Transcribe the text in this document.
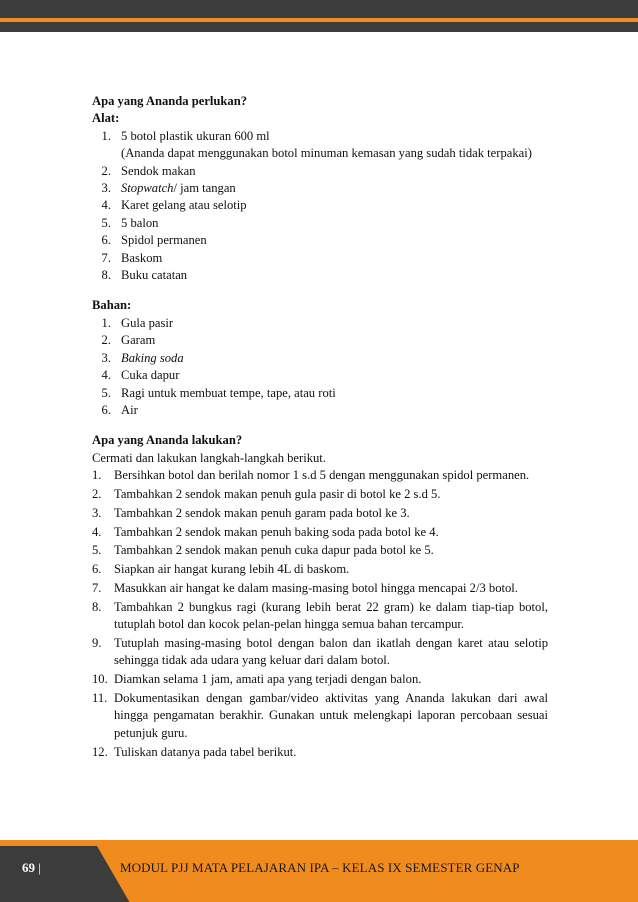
Apa yang Ananda perlukan?
Alat:
1. 5 botol plastik ukuran 600 ml
(Ananda dapat menggunakan botol minuman kemasan yang sudah tidak terpakai)
2. Sendok makan
3. Stopwatch/ jam tangan
4. Karet gelang atau selotip
5. 5 balon
6. Spidol permanen
7. Baskom
8. Buku catatan
Bahan:
1. Gula pasir
2. Garam
3. Baking soda
4. Cuka dapur
5. Ragi untuk membuat tempe, tape, atau roti
6. Air
Apa yang Ananda lakukan?
Cermati dan lakukan langkah-langkah berikut.
1. Bersihkan botol dan berilah nomor 1 s.d 5 dengan menggunakan spidol permanen.
2. Tambahkan 2 sendok makan penuh gula pasir di botol ke 2 s.d 5.
3. Tambahkan 2 sendok makan penuh garam pada botol ke 3.
4. Tambahkan 2 sendok makan penuh baking soda pada botol ke 4.
5. Tambahkan 2 sendok makan penuh cuka dapur pada botol ke 5.
6. Siapkan air hangat kurang lebih 4L di baskom.
7. Masukkan air hangat ke dalam masing-masing botol hingga mencapai 2/3 botol.
8. Tambahkan 2 bungkus ragi (kurang lebih berat 22 gram) ke dalam tiap-tiap botol, tutuplah botol dan kocok pelan-pelan hingga semua bahan tercampur.
9. Tutuplah masing-masing botol dengan balon dan ikatlah dengan karet atau selotip sehingga tidak ada udara yang keluar dari dalam botol.
10. Diamkan selama 1 jam, amati apa yang terjadi dengan balon.
11. Dokumentasikan dengan gambar/video aktivitas yang Ananda lakukan dari awal hingga pengamatan berakhir. Gunakan untuk melengkapi laporan percobaan sesuai petunjuk guru.
12. Tuliskan datanya pada tabel berikut.
69 |	MODUL PJJ MATA PELAJARAN IPA – KELAS IX SEMESTER GENAP
